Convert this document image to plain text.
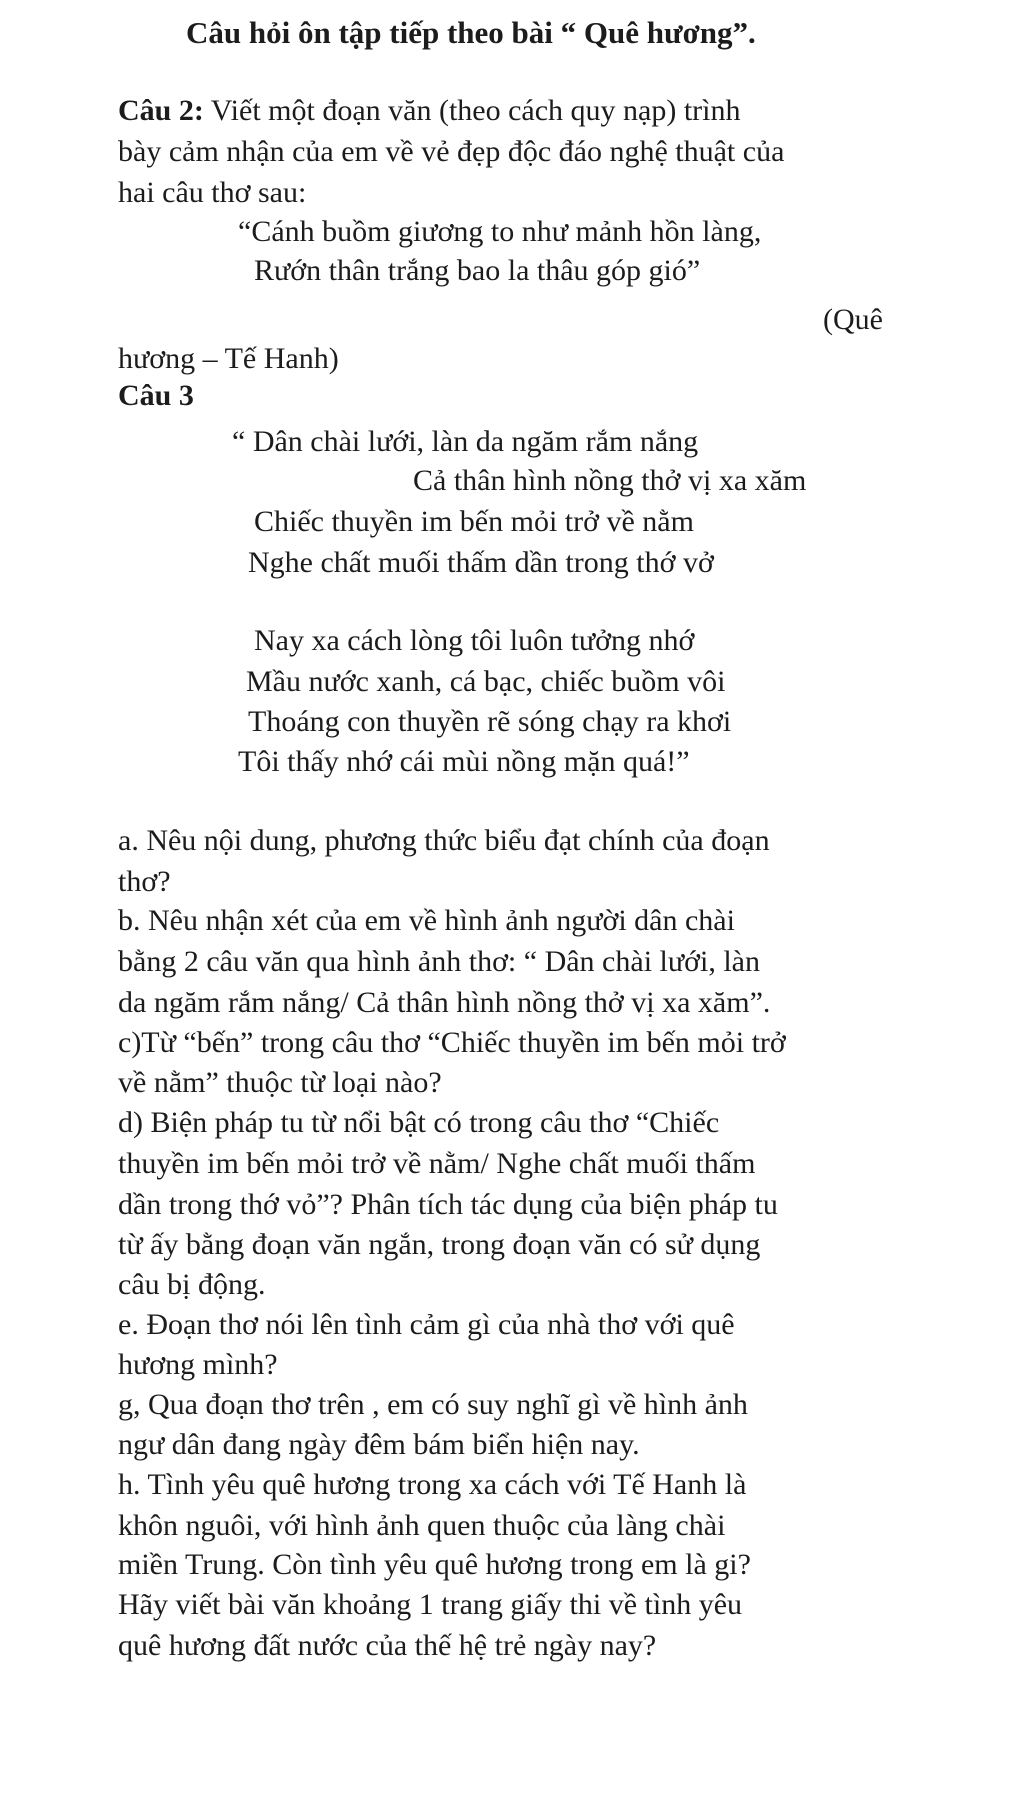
Câu hỏi ôn tập tiếp theo bài “ Quê hương”.

Câu 2: Viết một đoạn văn (theo cách quy nạp) trình

bày cảm nhận của em về vẻ đẹp độc đáo nghệ thuật của

hai câu thơ sau:

“Cánh buồm giương to như mảnh hồn làng,

Rướn thân trắng bao la thâu góp gió”

(Quê

hương – Tế Hanh)

Câu 3

“ Dân chài lưới, làn da ngăm rắm nắng

Cả thân hình nồng thở vị xa xăm

Chiếc thuyền im bến mỏi trở về nằm

Nghe chất muối thấm dần trong thớ vở

Nay xa cách lòng tôi luôn tưởng nhớ

Mầu nước xanh, cá bạc, chiếc buồm vôi

Thoáng con thuyền rẽ sóng chạy ra khơi

Tôi thấy nhớ cái mùi nồng mặn quá!”

a. Nêu nội dung, phương thức biểu đạt chính của đoạn

thơ?

b. Nêu nhận xét của em về hình ảnh người dân chài

bằng 2 câu văn qua hình ảnh thơ: “ Dân chài lưới, làn

da ngăm rắm nắng/ Cả thân hình nồng thở vị xa xăm”.

c)Từ “bến” trong câu thơ “Chiếc thuyền im bến mỏi trở

về nằm” thuộc từ loại nào?

d) Biện pháp tu từ nổi bật có trong câu thơ “Chiếc

thuyền im bến mỏi trở về nằm/ Nghe chất muối thấm

dần trong thớ vỏ”? Phân tích tác dụng của biện pháp tu

từ ấy bằng đoạn văn ngắn, trong đoạn văn có sử dụng

câu bị động.

e. Đoạn thơ nói lên tình cảm gì của nhà thơ với quê

hương mình?

g, Qua đoạn thơ trên , em có suy nghĩ gì về hình ảnh

ngư dân đang ngày đêm bám biển hiện nay.

h. Tình yêu quê hương trong xa cách với Tế Hanh là

khôn nguôi, với hình ảnh quen thuộc của làng chài

miền Trung. Còn tình yêu quê hương trong em là gi?

Hãy viết bài văn khoảng 1 trang giấy thi về tình yêu

quê hương đất nước của thế hệ trẻ ngày nay?
